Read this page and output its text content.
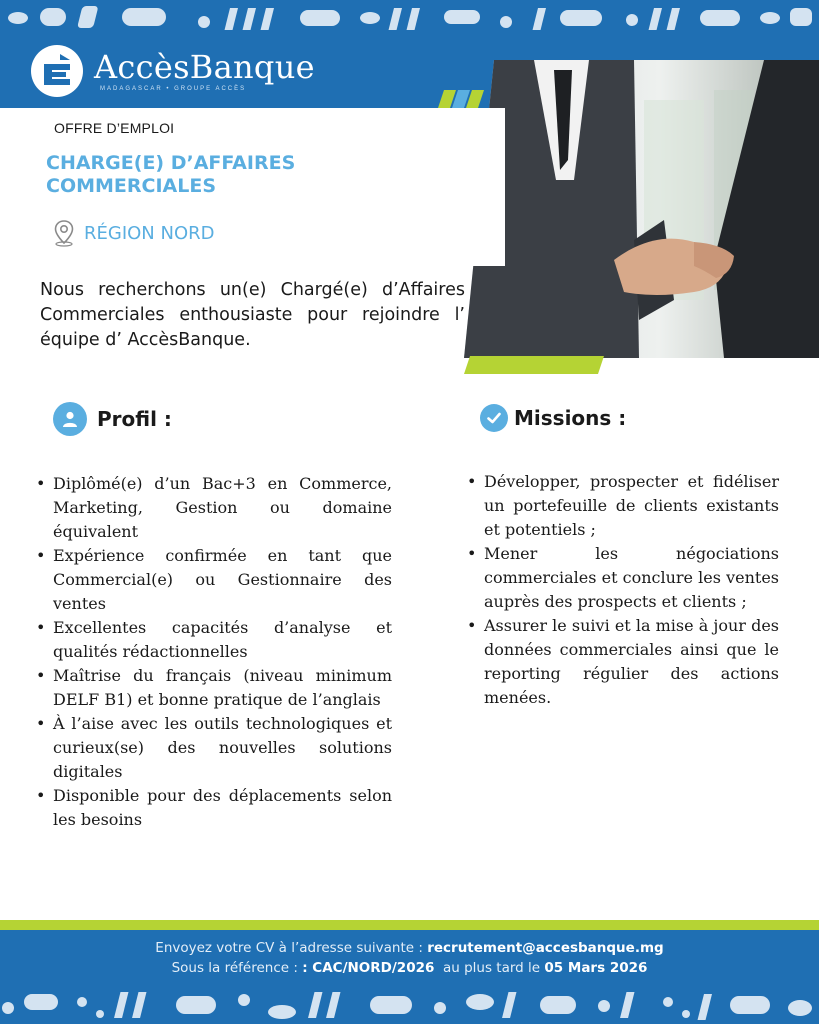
AccèsBanque
MADAGASCAR • GROUPE ACCÈS
OFFRE D’EMPLOI
CHARGE(E) D’AFFAIRES
COMMERCIALES
RÉGION NORD

Nous recherchons un(e) Chargé(e) d’Affaires Commerciales enthousiaste pour rejoindre l’ équipe d’ AccèsBanque.

Profil :
• Diplômé(e) d’un Bac+3 en Commerce, Marketing, Gestion ou domaine équivalent
• Expérience confirmée en tant que Commercial(e) ou Gestionnaire des ventes
• Excellentes capacités d’analyse et qualités rédactionnelles
• Maîtrise du français (niveau minimum DELF B1) et bonne pratique de l’anglais
• À l’aise avec les outils technologiques et curieux(se) des nouvelles solutions digitales
• Disponible pour des déplacements selon les besoins
Missions :
• Développer, prospecter et fidéliser un portefeuille de clients existants et potentiels ;
• Mener les négociations commerciales et conclure les ventes auprès des prospects et clients ;
• Assurer le suivi et la mise à jour des données commerciales ainsi que le reporting régulier des actions menées.
Envoyez votre CV à l’adresse suivante : recrutement@accesbanque.mg
Sous la référence : : CAC/NORD/2026 au plus tard le 05 Mars 2026
